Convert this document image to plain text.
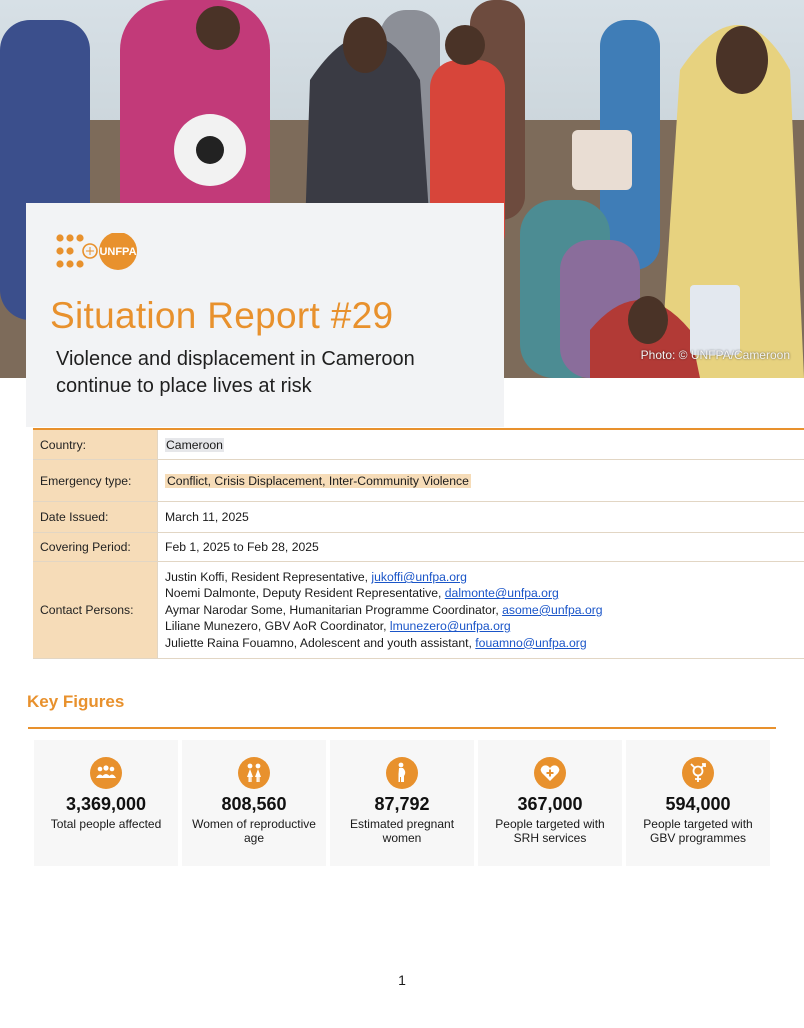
Photo: © UNFPA/Cameroon
UNFPA
Situation Report #29
Violence and displacement in Cameroon continue to place lives at risk
Country:	Cameroon
Emergency type:	Conflict, Crisis Displacement, Inter-Community Violence
Date Issued:	March 11, 2025
Covering Period:	Feb 1, 2025 to Feb 28, 2025
Contact Persons:	Justin Koffi, Resident Representative, jukoffi@unfpa.org
Noemi Dalmonte, Deputy Resident Representative, dalmonte@unfpa.org
Aymar Narodar Some, Humanitarian Programme Coordinator, asome@unfpa.org
Liliane Munezero, GBV AoR Coordinator, lmunezero@unfpa.org
Juliette Raina Fouamno, Adolescent and youth assistant, fouamno@unfpa.org
Key Figures
3,369,000
Total people affected
808,560
Women of reproductive age
87,792
Estimated pregnant women
367,000
People targeted with SRH services
594,000
People targeted with GBV programmes
1
